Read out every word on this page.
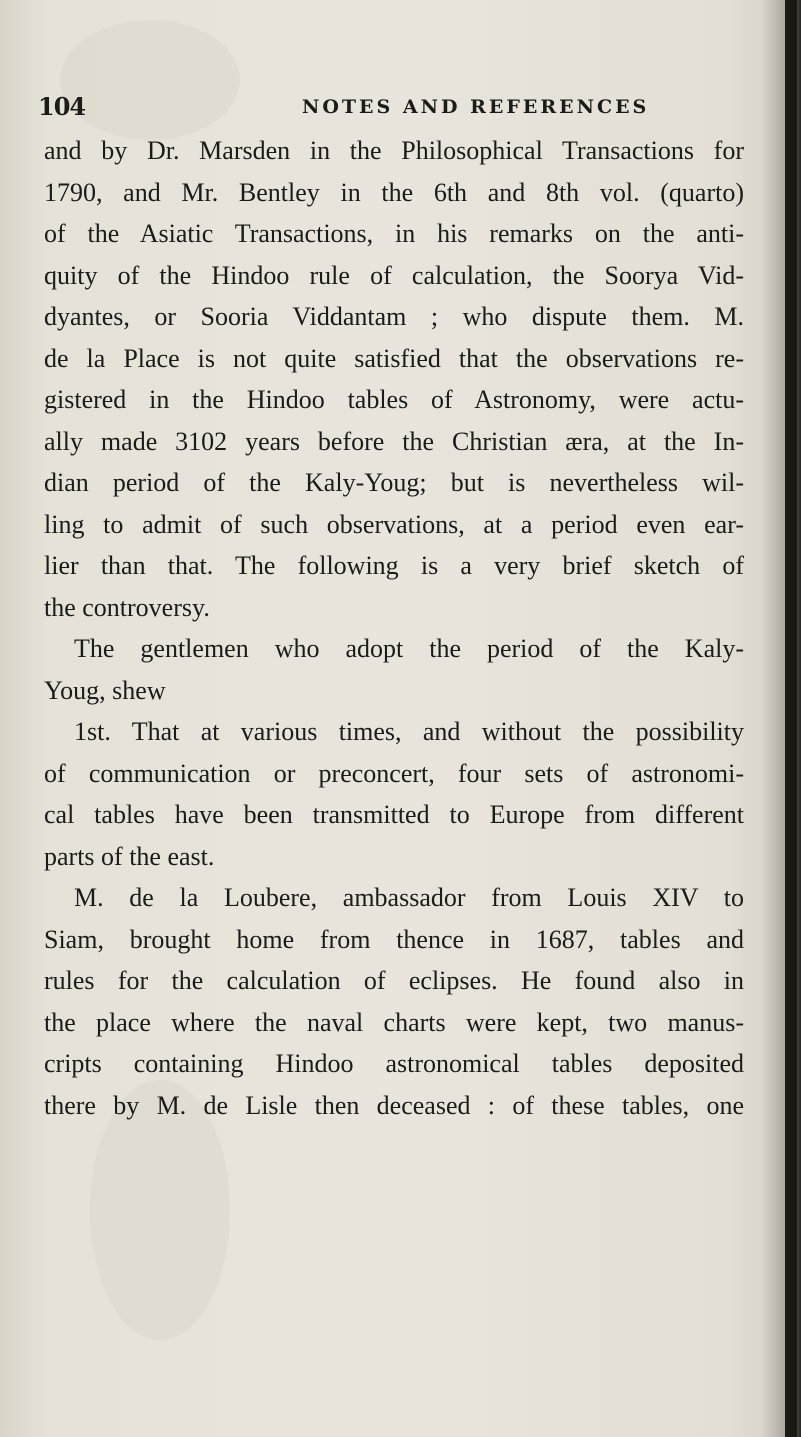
104	NOTES AND REFERENCES
and by Dr. Marsden in the Philosophical Transactions for
1790, and Mr. Bentley in the 6th and 8th vol. (quarto)
of the Asiatic Transactions, in his remarks on the anti-
quity of the Hindoo rule of calculation, the Soorya Vid-
dyantes, or Sooria Viddantam ; who dispute them. M.
de la Place is not quite satisfied that the observations re-
gistered in the Hindoo tables of Astronomy, were actu-
ally made 3102 years before the Christian æra, at the In-
dian period of the Kaly-Youg; but is nevertheless wil-
ling to admit of such observations, at a period even ear-
lier than that. The following is a very brief sketch of
the controversy.
The gentlemen who adopt the period of the Kaly-
Youg, shew
1st. That at various times, and without the possibility
of communication or preconcert, four sets of astronomi-
cal tables have been transmitted to Europe from different
parts of the east.
M. de la Loubere, ambassador from Louis XIV to
Siam, brought home from thence in 1687, tables and
rules for the calculation of eclipses. He found also in
the place where the naval charts were kept, two manus-
cripts containing Hindoo astronomical tables deposited
there by M. de Lisle then deceased : of these tables, one
